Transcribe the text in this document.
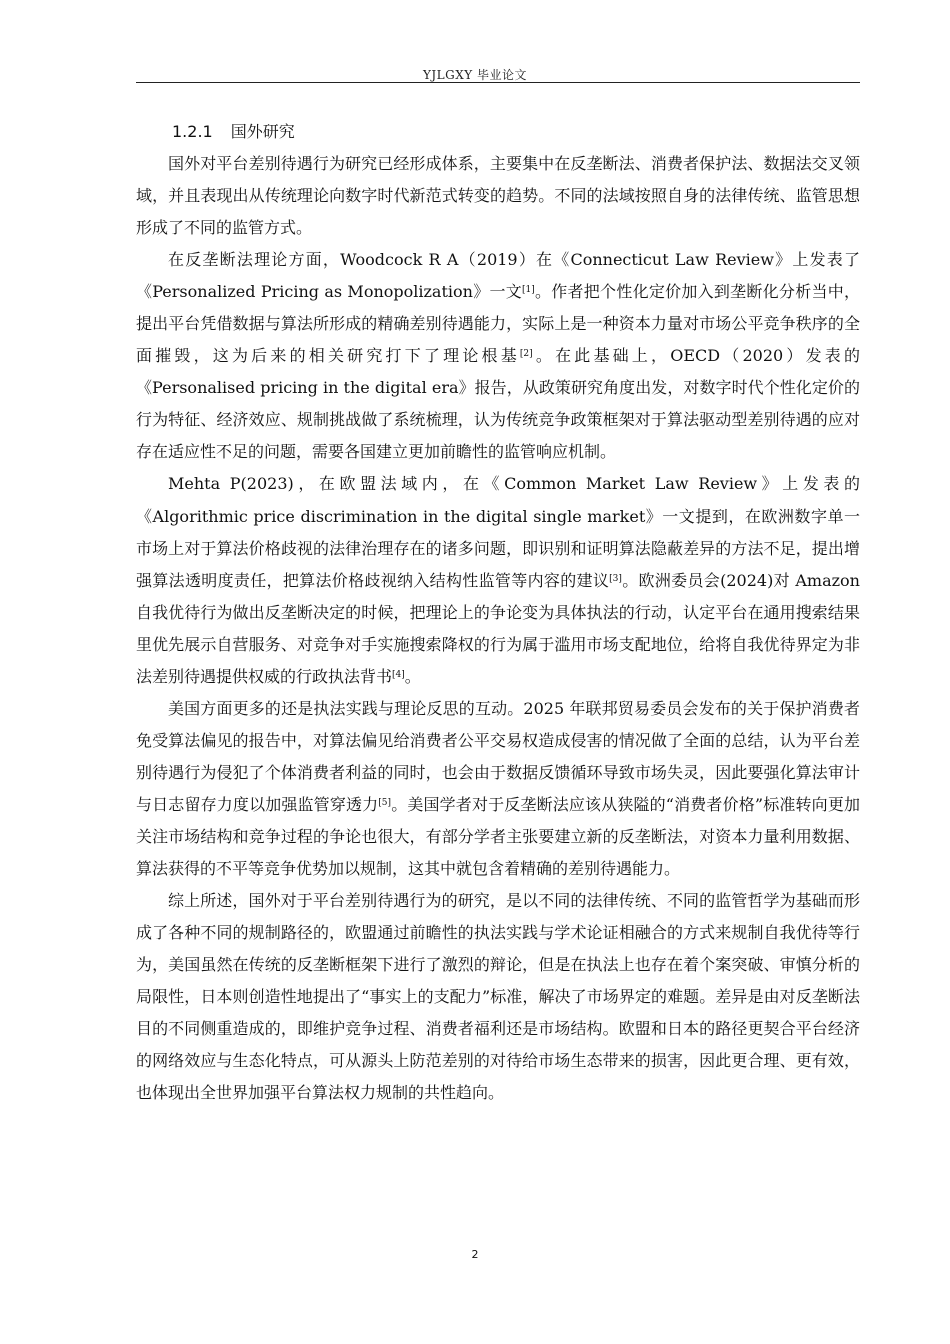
YJLGXY 毕业论文
1.2.1 国外研究

国外对平台差别待遇行为研究已经形成体系，主要集中在反垄断法、消费者保护法、数据法交叉领域，并且表现出从传统理论向数字时代新范式转变的趋势。不同的法域按照自身的法律传统、监管思想形成了不同的监管方式。

在反垄断法理论方面，Woodcock R A（2019）在《Connecticut Law Review》上发表了《Personalized Pricing as Monopolization》一文[1]。作者把个性化定价加入到垄断化分析当中，提出平台凭借数据与算法所形成的精确差别待遇能力，实际上是一种资本力量对市场公平竞争秩序的全面摧毁，这为后来的相关研究打下了理论根基[2]。在此基础上，OECD（2020）发表的《Personalised pricing in the digital era》报告，从政策研究角度出发，对数字时代个性化定价的行为特征、经济效应、规制挑战做了系统梳理，认为传统竞争政策框架对于算法驱动型差别待遇的应对存在适应性不足的问题，需要各国建立更加前瞻性的监管响应机制。

Mehta P(2023)，在欧盟法域内，在《Common Market Law Review》上发表的《Algorithmic price discrimination in the digital single market》一文提到，在欧洲数字单一市场上对于算法价格歧视的法律治理存在的诸多问题，即识别和证明算法隐蔽差异的方法不足，提出增强算法透明度责任，把算法价格歧视纳入结构性监管等内容的建议[3]。欧洲委员会(2024)对 Amazon 自我优待行为做出反垄断决定的时候，把理论上的争论变为具体执法的行动，认定平台在通用搜索结果里优先展示自营服务、对竞争对手实施搜索降权的行为属于滥用市场支配地位，给将自我优待界定为非法差别待遇提供权威的行政执法背书[4]。

美国方面更多的还是执法实践与理论反思的互动。2025 年联邦贸易委员会发布的关于保护消费者免受算法偏见的报告中，对算法偏见给消费者公平交易权造成侵害的情况做了全面的总结，认为平台差别待遇行为侵犯了个体消费者利益的同时，也会由于数据反馈循环导致市场失灵，因此要强化算法审计与日志留存力度以加强监管穿透力[5]。美国学者对于反垄断法应该从狭隘的“消费者价格”标准转向更加关注市场结构和竞争过程的争论也很大，有部分学者主张要建立新的反垄断法，对资本力量利用数据、算法获得的不平等竞争优势加以规制，这其中就包含着精确的差别待遇能力。

综上所述，国外对于平台差别待遇行为的研究，是以不同的法律传统、不同的监管哲学为基础而形成了各种不同的规制路径的，欧盟通过前瞻性的执法实践与学术论证相融合的方式来规制自我优待等行为，美国虽然在传统的反垄断框架下进行了激烈的辩论，但是在执法上也存在着个案突破、审慎分析的局限性，日本则创造性地提出了“事实上的支配力”标准，解决了市场界定的难题。差异是由对反垄断法目的不同侧重造成的，即维护竞争过程、消费者福利还是市场结构。欧盟和日本的路径更契合平台经济的网络效应与生态化特点，可从源头上防范差别的对待给市场生态带来的损害，因此更合理、更有效，也体现出全世界加强平台算法权力规制的共性趋向。

2
